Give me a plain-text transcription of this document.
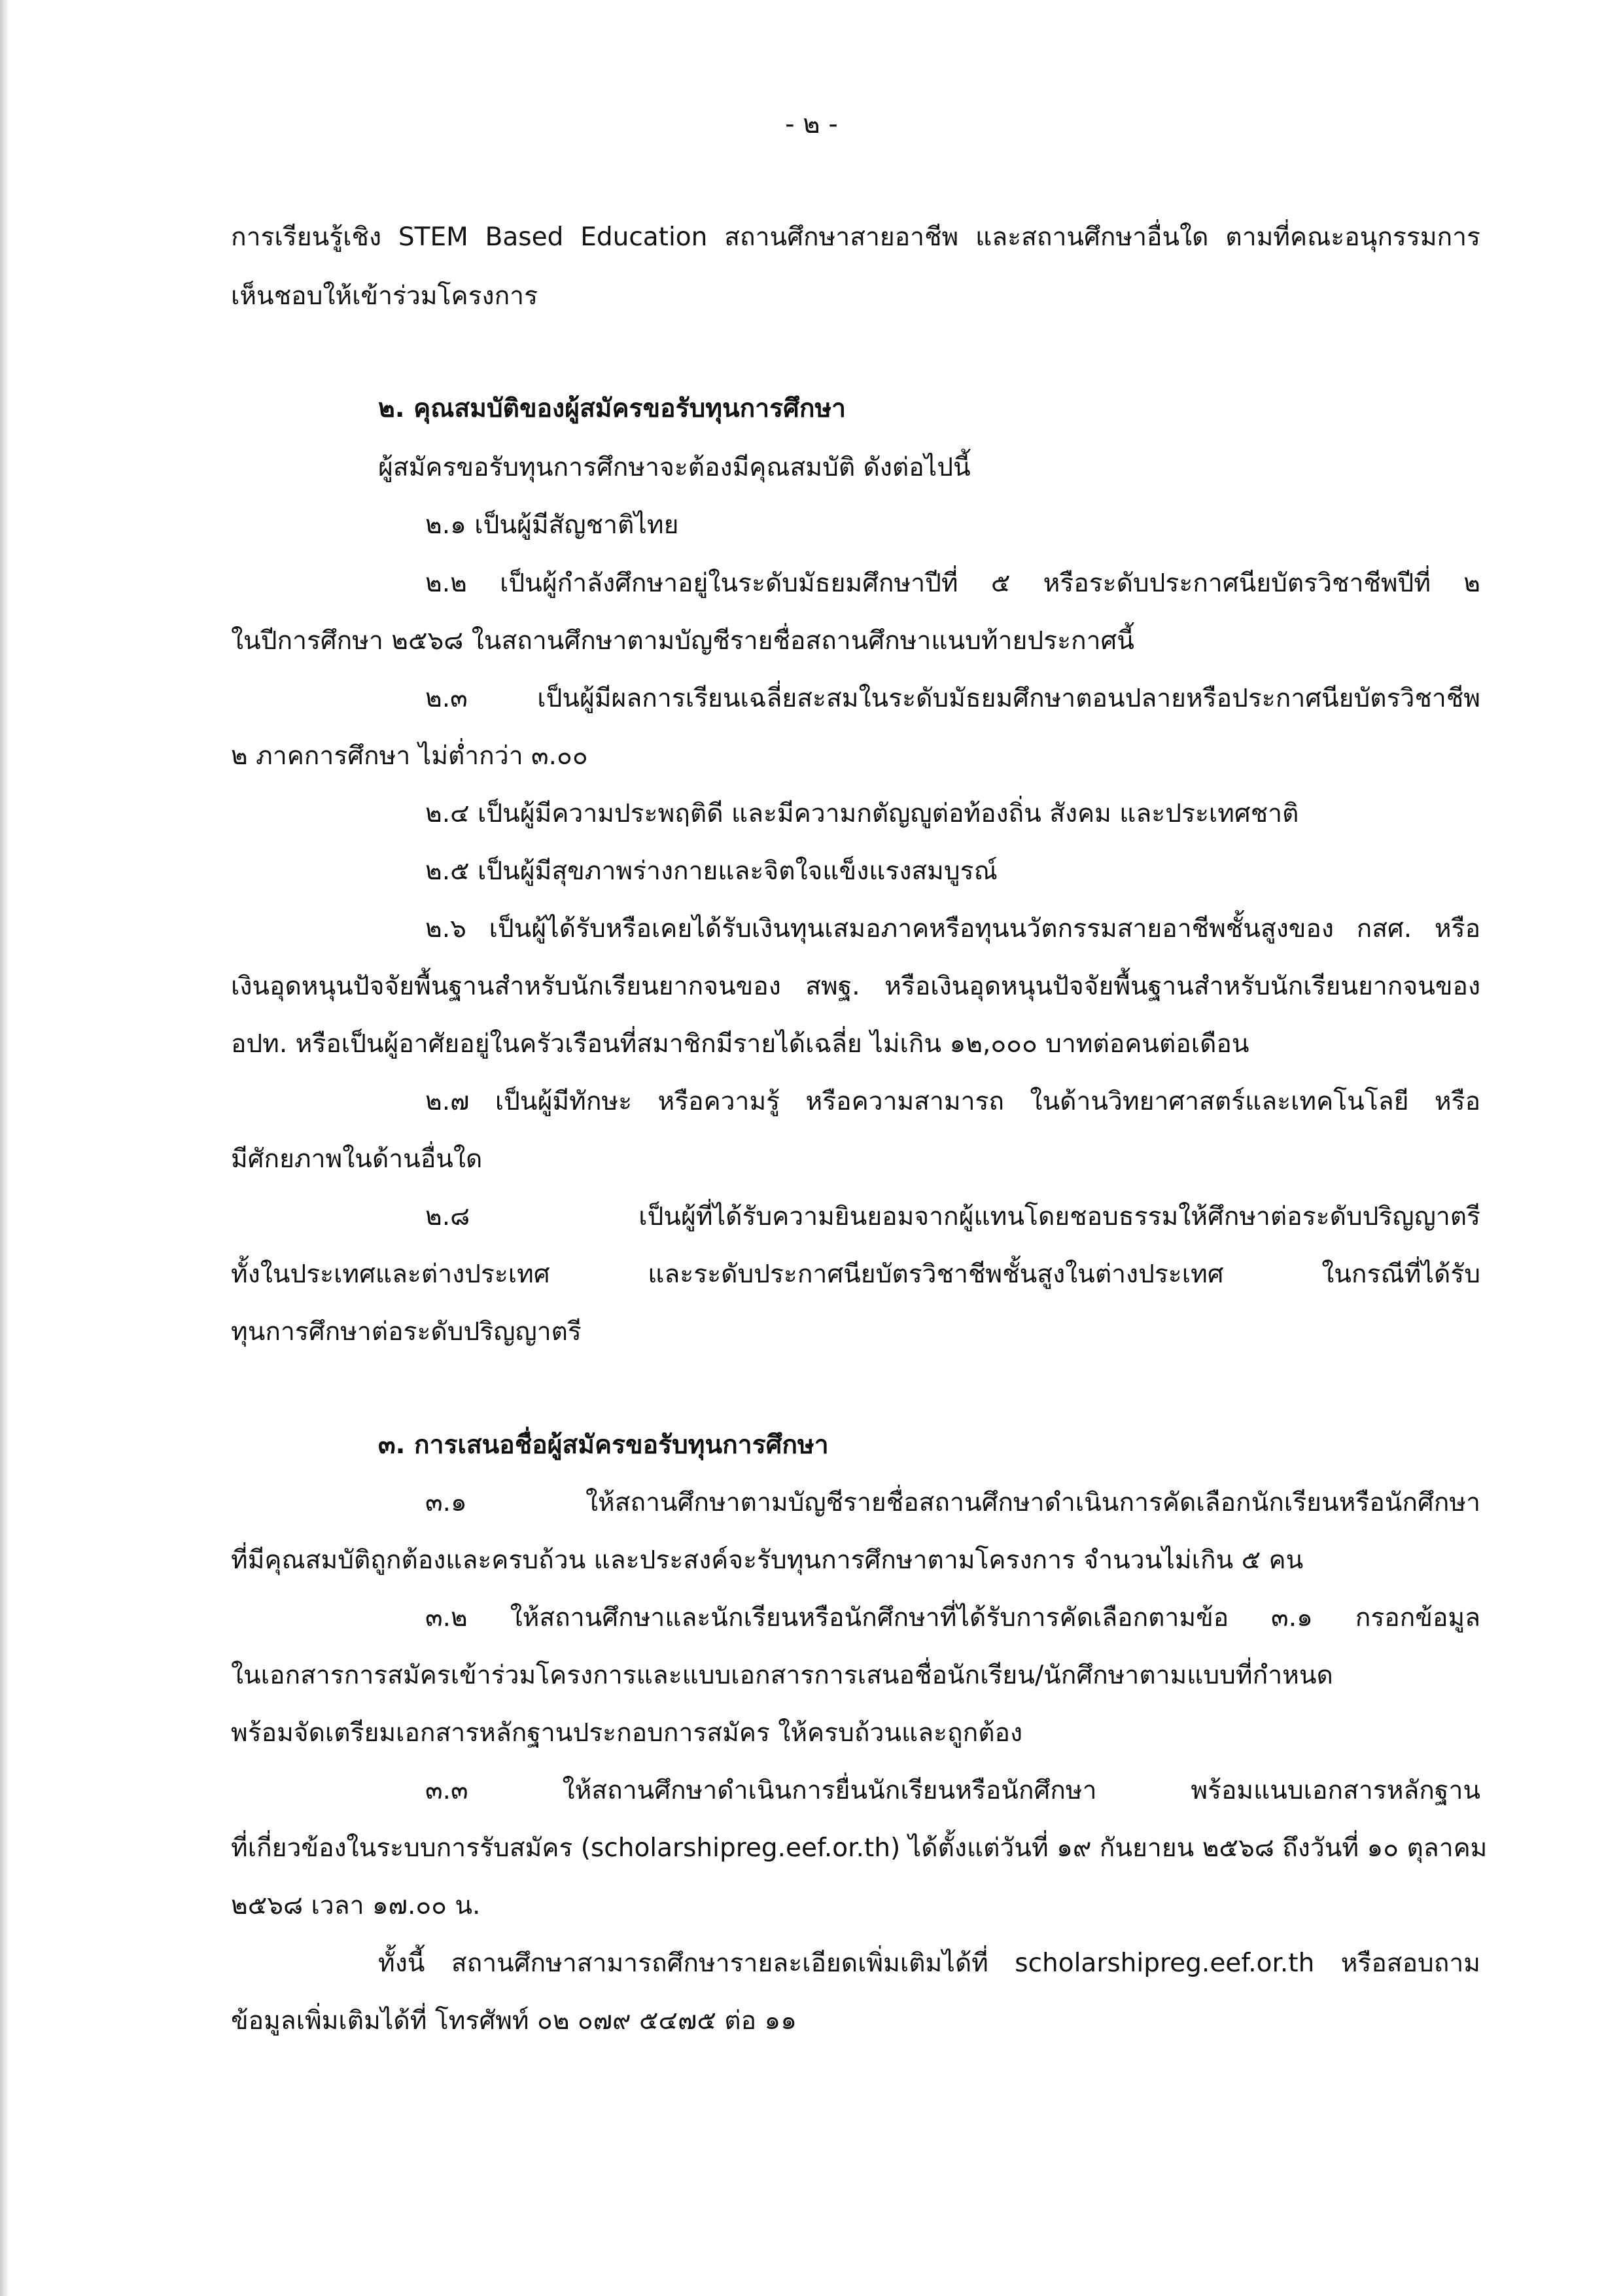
- ๒ -
การเรียนรู้เชิง STEM Based Education สถานศึกษาสายอาชีพ และสถานศึกษาอื่นใด ตามที่คณะอนุกรรมการ
เห็นชอบให้เข้าร่วมโครงการ
๒. คุณสมบัติของผู้สมัครขอรับทุนการศึกษา
ผู้สมัครขอรับทุนการศึกษาจะต้องมีคุณสมบัติ ดังต่อไปนี้
๒.๑ เป็นผู้มีสัญชาติไทย
๒.๒ เป็นผู้กำลังศึกษาอยู่ในระดับมัธยมศึกษาปีที่ ๕ หรือระดับประกาศนียบัตรวิชาชีพปีที่ ๒
ในปีการศึกษา ๒๕๖๘ ในสถานศึกษาตามบัญชีรายชื่อสถานศึกษาแนบท้ายประกาศนี้
๒.๓ เป็นผู้มีผลการเรียนเฉลี่ยสะสมในระดับมัธยมศึกษาตอนปลายหรือประกาศนียบัตรวิชาชีพ
๒ ภาคการศึกษา ไม่ต่ำกว่า ๓.๐๐
๒.๔ เป็นผู้มีความประพฤติดี และมีความกตัญญูต่อท้องถิ่น สังคม และประเทศชาติ
๒.๕ เป็นผู้มีสุขภาพร่างกายและจิตใจแข็งแรงสมบูรณ์
๒.๖ เป็นผู้ได้รับหรือเคยได้รับเงินทุนเสมอภาคหรือทุนนวัตกรรมสายอาชีพชั้นสูงของ กสศ. หรือ
เงินอุดหนุนปัจจัยพื้นฐานสำหรับนักเรียนยากจนของ สพฐ. หรือเงินอุดหนุนปัจจัยพื้นฐานสำหรับนักเรียนยากจนของ
อปท. หรือเป็นผู้อาศัยอยู่ในครัวเรือนที่สมาชิกมีรายได้เฉลี่ย ไม่เกิน ๑๒,๐๐๐ บาทต่อคนต่อเดือน
๒.๗ เป็นผู้มีทักษะ หรือความรู้ หรือความสามารถ ในด้านวิทยาศาสตร์และเทคโนโลยี หรือ
มีศักยภาพในด้านอื่นใด
๒.๘ เป็นผู้ที่ได้รับความยินยอมจากผู้แทนโดยชอบธรรมให้ศึกษาต่อระดับปริญญาตรี
ทั้งในประเทศและต่างประเทศ และระดับประกาศนียบัตรวิชาชีพชั้นสูงในต่างประเทศ ในกรณีที่ได้รับ
ทุนการศึกษาต่อระดับปริญญาตรี
๓. การเสนอชื่อผู้สมัครขอรับทุนการศึกษา
๓.๑ ให้สถานศึกษาตามบัญชีรายชื่อสถานศึกษาดำเนินการคัดเลือกนักเรียนหรือนักศึกษา
ที่มีคุณสมบัติถูกต้องและครบถ้วน และประสงค์จะรับทุนการศึกษาตามโครงการ จำนวนไม่เกิน ๕ คน
๓.๒ ให้สถานศึกษาและนักเรียนหรือนักศึกษาที่ได้รับการคัดเลือกตามข้อ ๓.๑ กรอกข้อมูล
ในเอกสารการสมัครเข้าร่วมโครงการและแบบเอกสารการเสนอชื่อนักเรียน/นักศึกษาตามแบบที่กำหนด
พร้อมจัดเตรียมเอกสารหลักฐานประกอบการสมัคร ให้ครบถ้วนและถูกต้อง
๓.๓ ให้สถานศึกษาดำเนินการยื่นนักเรียนหรือนักศึกษา พร้อมแนบเอกสารหลักฐาน
ที่เกี่ยวข้องในระบบการรับสมัคร (scholarshipreg.eef.or.th) ได้ตั้งแต่วันที่ ๑๙ กันยายน ๒๕๖๘ ถึงวันที่ ๑๐ ตุลาคม
๒๕๖๘ เวลา ๑๗.๐๐ น.
ทั้งนี้ สถานศึกษาสามารถศึกษารายละเอียดเพิ่มเติมได้ที่ scholarshipreg.eef.or.th หรือสอบถาม
ข้อมูลเพิ่มเติมได้ที่ โทรศัพท์ ๐๒ ๐๗๙ ๕๔๗๕ ต่อ ๑๑
